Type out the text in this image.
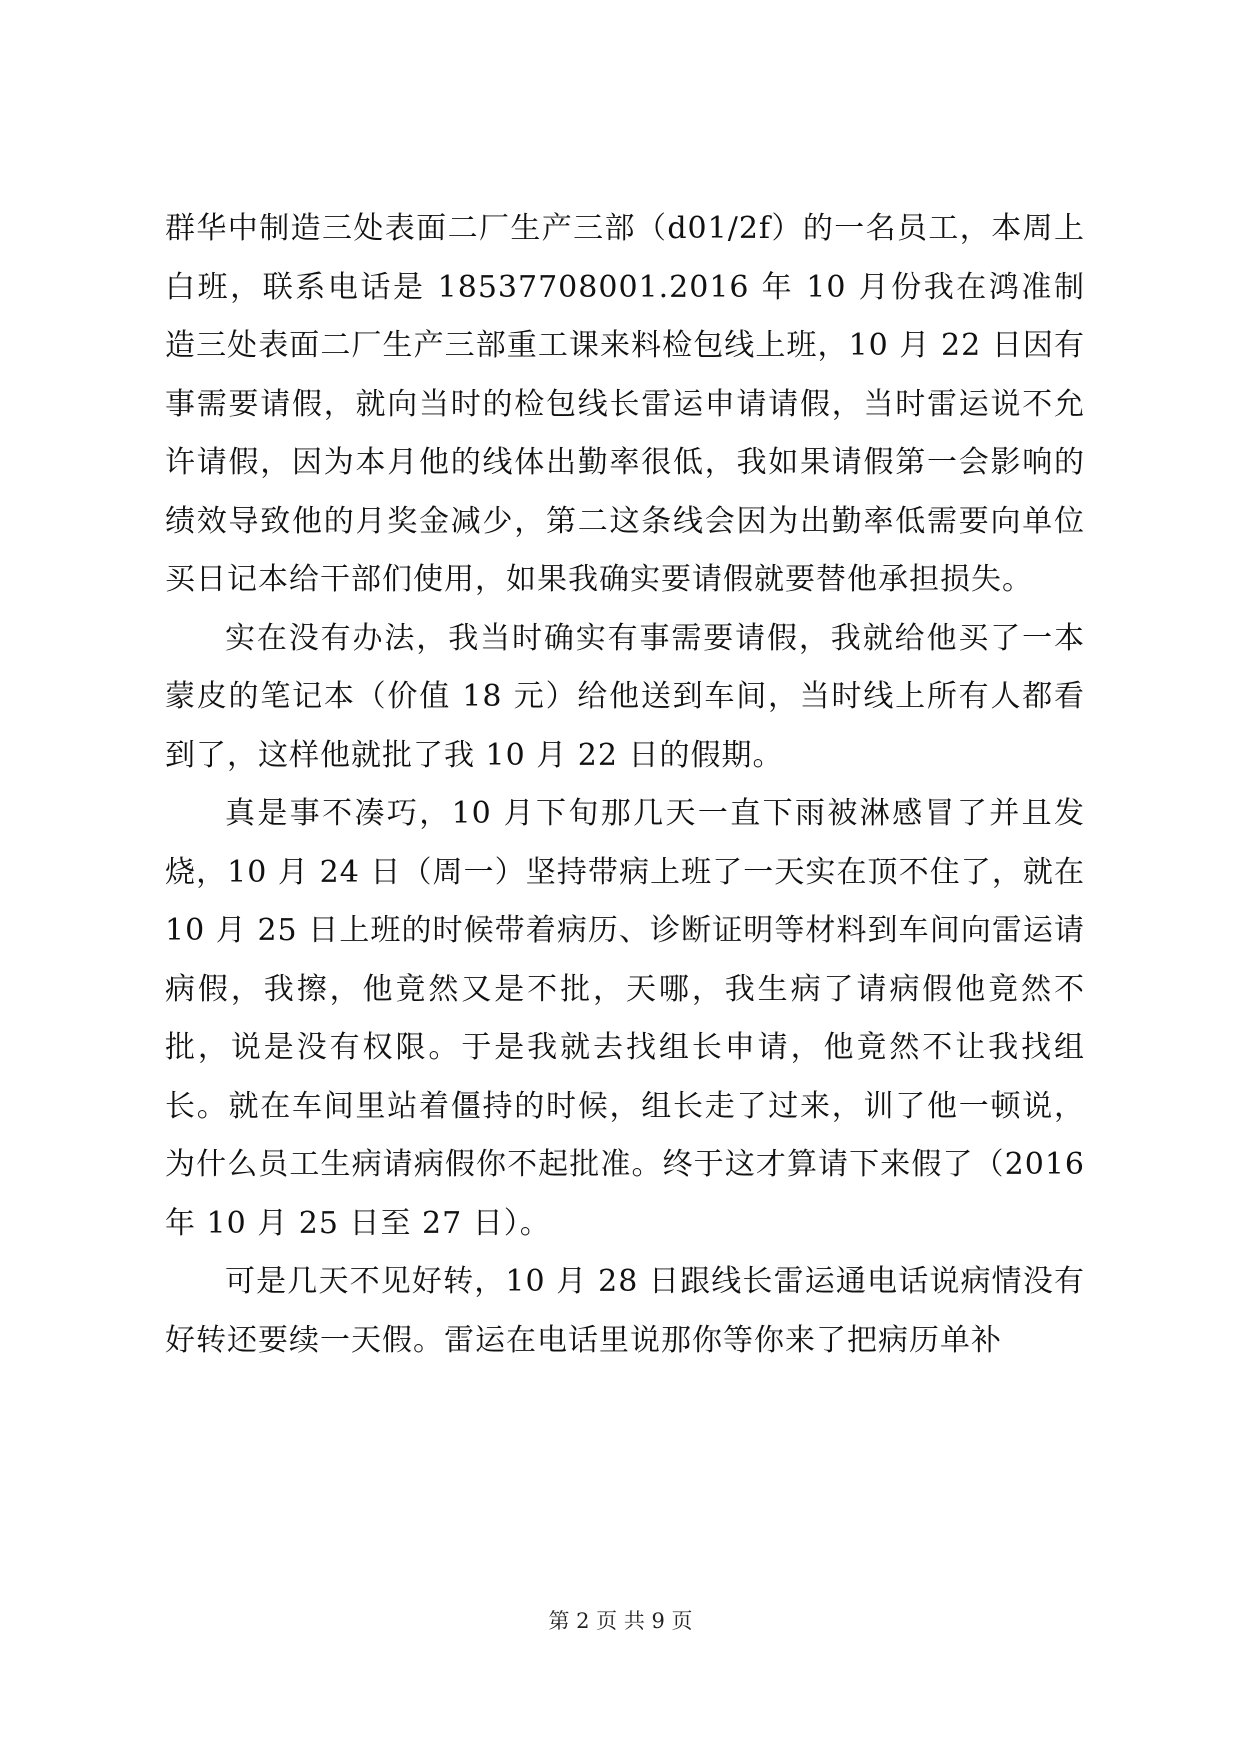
群华中制造三处表面二厂生产三部（d01/2f）的一名员工，本周上白班，联系电话是 18537708001.2016 年 10 月份我在鸿准制造三处表面二厂生产三部重工课来料检包线上班，10 月 22 日因有事需要请假，就向当时的检包线长雷运申请请假，当时雷运说不允许请假，因为本月他的线体出勤率很低，我如果请假第一会影响的绩效导致他的月奖金减少，第二这条线会因为出勤率低需要向单位买日记本给干部们使用，如果我确实要请假就要替他承担损失。

实在没有办法，我当时确实有事需要请假，我就给他买了一本蒙皮的笔记本（价值 18 元）给他送到车间，当时线上所有人都看到了，这样他就批了我 10 月 22 日的假期。

真是事不凑巧，10 月下旬那几天一直下雨被淋感冒了并且发烧，10 月 24 日（周一）坚持带病上班了一天实在顶不住了，就在 10 月 25 日上班的时候带着病历、诊断证明等材料到车间向雷运请病假，我擦，他竟然又是不批，天哪，我生病了请病假他竟然不批，说是没有权限。于是我就去找组长申请，他竟然不让我找组长。就在车间里站着僵持的时候，组长走了过来，训了他一顿说，为什么员工生病请病假你不起批准。终于这才算请下来假了（2016 年 10 月 25 日至 27 日）。

可是几天不见好转，10 月 28 日跟线长雷运通电话说病情没有好转还要续一天假。雷运在电话里说那你等你来了把病历单补

第 2 页 共 9 页
